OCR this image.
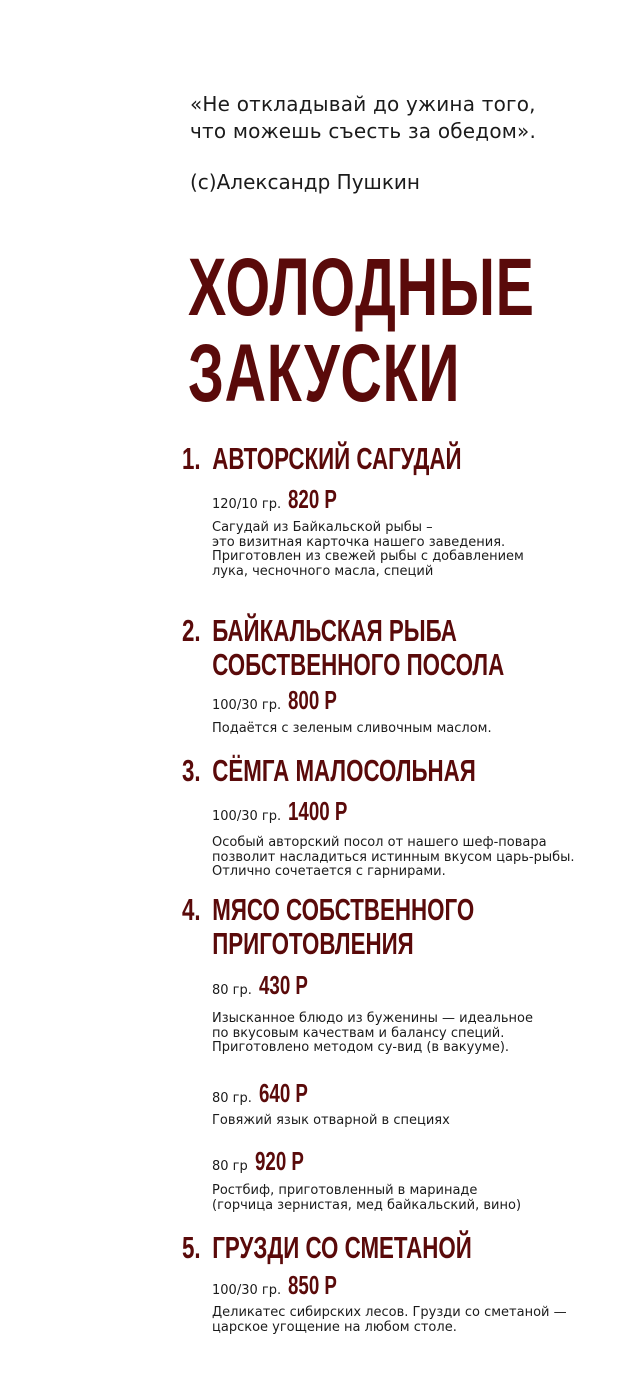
«Не откладывай до ужина того,
что можешь съесть за обедом».
(c)Александр Пушкин
ХОЛОДНЫЕ
ЗАКУСКИ
1. АВТОРСКИЙ САГУДАЙ
120/10 гр. 820 Р
Сагудай из Байкальской рыбы –
это визитная карточка нашего заведения.
Приготовлен из свежей рыбы с добавлением
лука, чесночного масла, специй
2. БАЙКАЛЬСКАЯ РЫБА
СОБСТВЕННОГО ПОСОЛА
100/30 гр. 800 Р
Подаётся с зеленым сливочным маслом.
3. СЁМГА МАЛОСОЛЬНАЯ
100/30 гр. 1400 Р
Особый авторский посол от нашего шеф-повара
позволит насладиться истинным вкусом царь-рыбы.
Отлично сочетается с гарнирами.
4. МЯСО СОБСТВЕННОГО
ПРИГОТОВЛЕНИЯ
80 гр. 430 Р
Изысканное блюдо из буженины — идеальное
по вкусовым качествам и балансу специй.
Приготовлено методом су-вид (в вакууме).
80 гр. 640 Р
Говяжий язык отварной в специях
80 гр 920 Р
Ростбиф, приготовленный в маринаде
(горчица зернистая, мед байкальский, вино)
5. ГРУЗДИ СО СМЕТАНОЙ
100/30 гр. 850 Р
Деликатес сибирских лесов. Грузди со сметаной —
царское угощение на любом столе.
